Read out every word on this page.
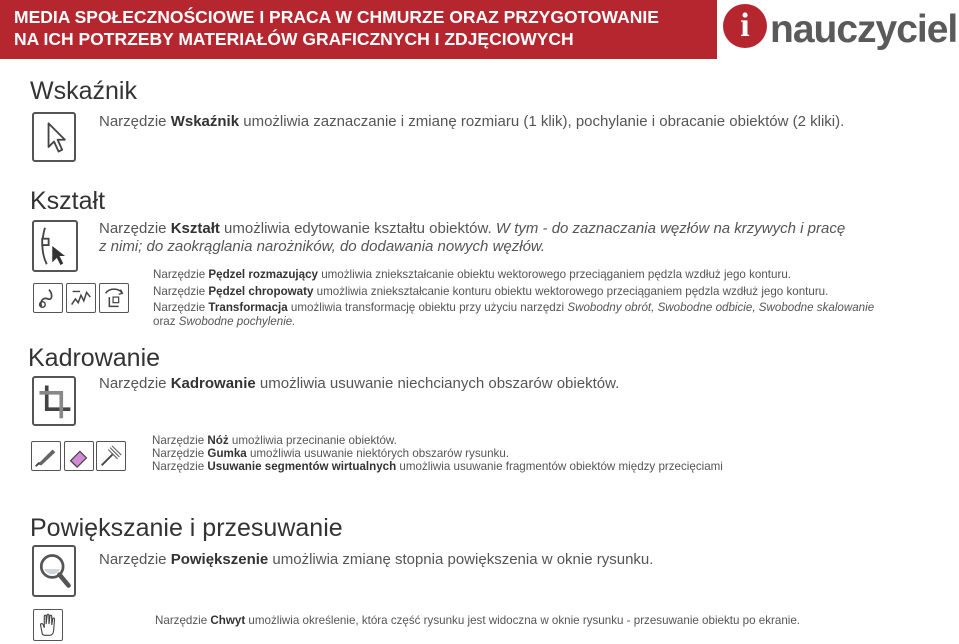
MEDIA SPOŁECZNOŚCIOWE I PRACA W CHMURZE ORAZ PRZYGOTOWANIE
NA ICH POTRZEBY MATERIAŁÓW GRAFICZNYCH I ZDJĘCIOWYCH	i nauczyciel
Wskaźnik
Narzędzie Wskaźnik umożliwia zaznaczanie i zmianę rozmiaru (1 klik), pochylanie i obracanie obiektów (2 kliki).
Kształt
Narzędzie Kształt umożliwia edytowanie kształtu obiektów. W tym - do zaznaczania węzłów na krzywych i pracę
z nimi; do zaokrąglania narożników, do dodawania nowych węzłów.
Narzędzie Pędzel rozmazujący umożliwia zniekształcanie obiektu wektorowego przeciąganiem pędzla wzdłuż jego konturu.
Narzędzie Pędzel chropowaty umożliwia zniekształcanie konturu obiektu wektorowego przeciąganiem pędzla wzdłuż jego konturu.
Narzędzie Transformacja umożliwia transformację obiektu przy użyciu narzędzi Swobodny obrót, Swobodne odbicie, Swobodne skalowanie
oraz Swobodne pochylenie.
Kadrowanie
Narzędzie Kadrowanie umożliwia usuwanie niechcianych obszarów obiektów.
Narzędzie Nóż umożliwia przecinanie obiektów.
Narzędzie Gumka umożliwia usuwanie niektórych obszarów rysunku.
Narzędzie Usuwanie segmentów wirtualnych umożliwia usuwanie fragmentów obiektów między przecięciami
Powiększanie i przesuwanie
Narzędzie Powiększenie umożliwia zmianę stopnia powiększenia w oknie rysunku.
Narzędzie Chwyt umożliwia określenie, która część rysunku jest widoczna w oknie rysunku - przesuwanie obiektu po ekranie.
